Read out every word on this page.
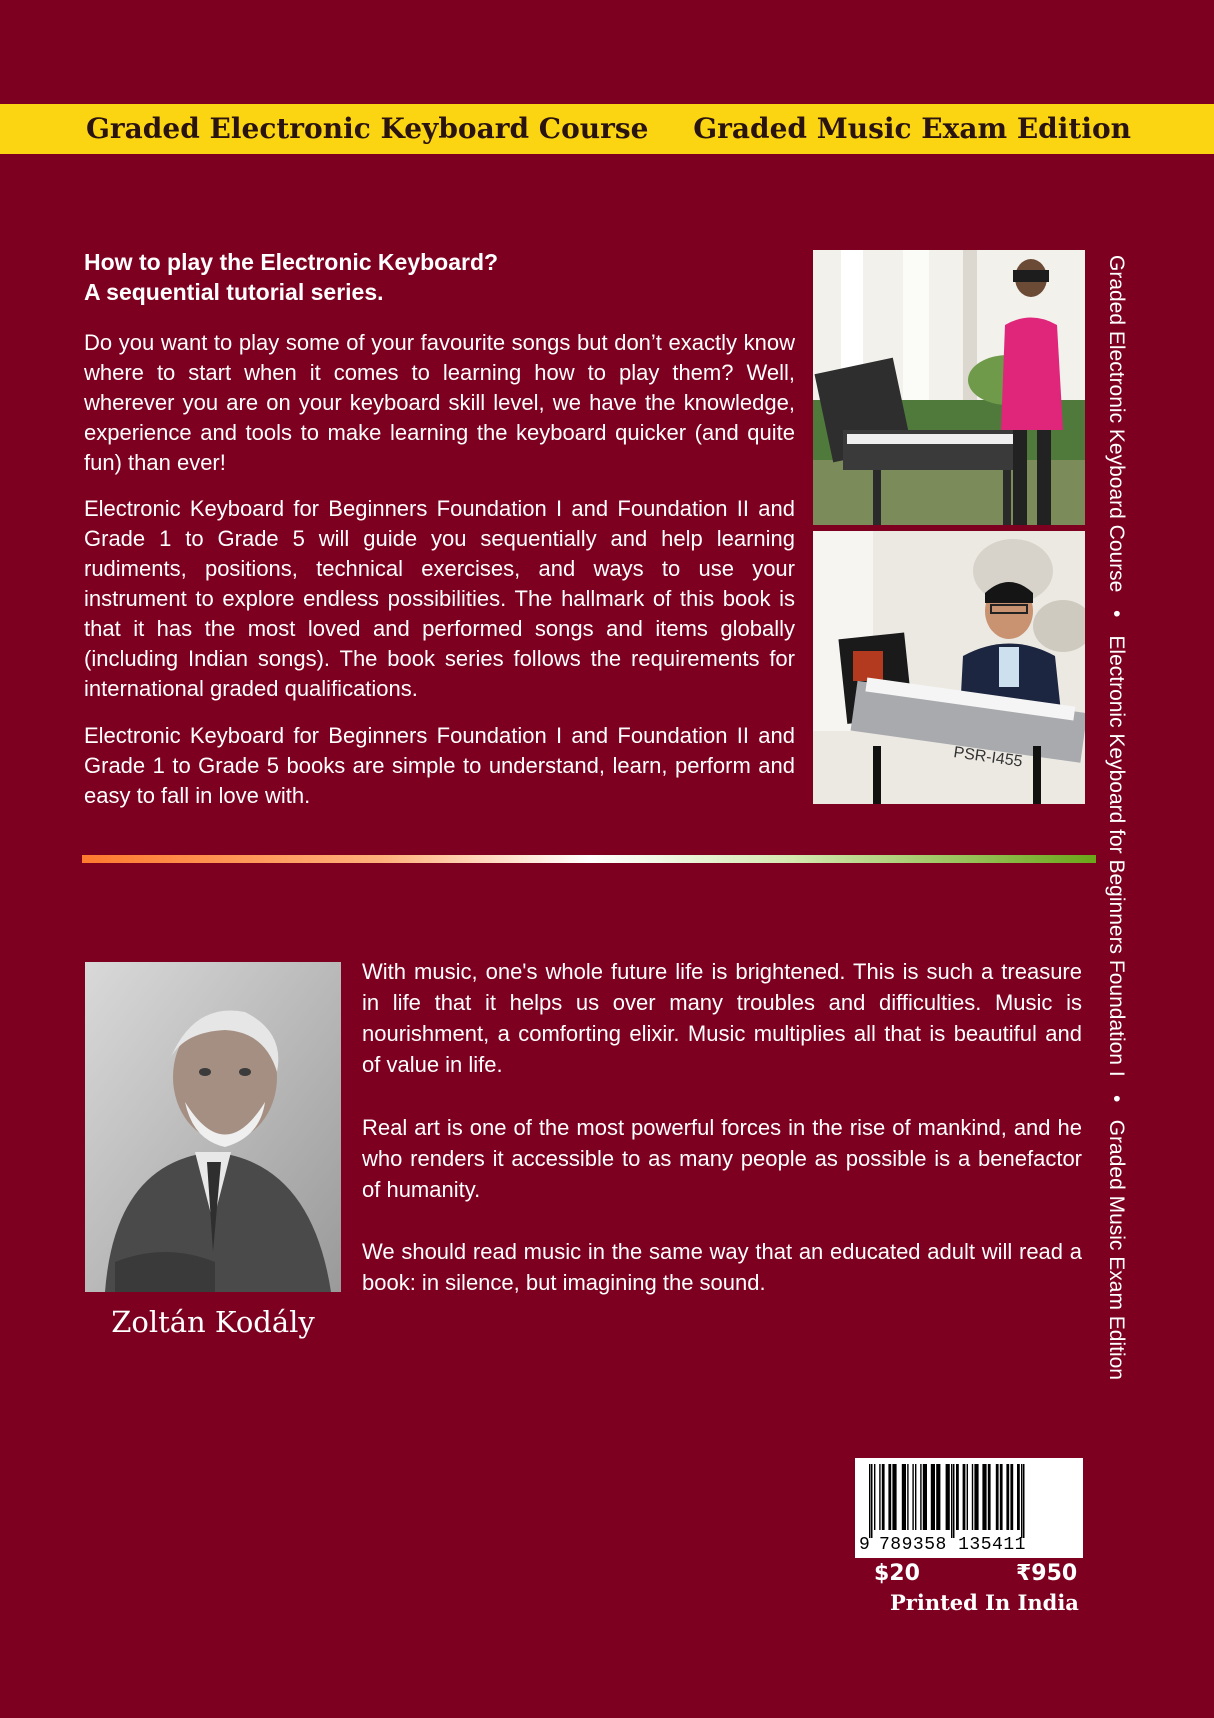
Graded Electronic Keyboard Course Graded Music Exam Edition
How to play the Electronic Keyboard?
A sequential tutorial series.

Do you want to play some of your favourite songs but don’t exactly know where to start when it comes to learning how to play them? Well, wherever you are on your keyboard skill level, we have the knowledge, experience and tools to make learning the keyboard quicker (and quite fun) than ever!

Electronic Keyboard for Beginners Foundation I and Foundation II and Grade 1 to Grade 5 will guide you sequentially and help learning rudiments, positions, technical exercises, and ways to use your instrument to explore endless possibilities. The hallmark of this book is that it has the most loved and performed songs and items globally (including Indian songs). The book series follows the requirements for international graded qualifications.

Electronic Keyboard for Beginners Foundation I and Foundation II and Grade 1 to Grade 5 books are simple to understand, learn, perform and easy to fall in love with.

PSR-I455

With music, one's whole future life is brightened. This is such a treasure in life that it helps us over many troubles and difficulties. Music is nourishment, a comforting elixir. Music multiplies all that is beautiful and of value in life.

Real art is one of the most powerful forces in the rise of mankind, and he who renders it accessible to as many people as possible is a benefactor of humanity.

We should read music in the same way that an educated adult will read a book: in silence, but imagining the sound.

Zoltán Kodály
Graded Electronic Keyboard Course • Electronic Keyboard for Beginners Foundation I • Graded Music Exam Edition
9 789358 135411
$20	₹950
Printed In India
